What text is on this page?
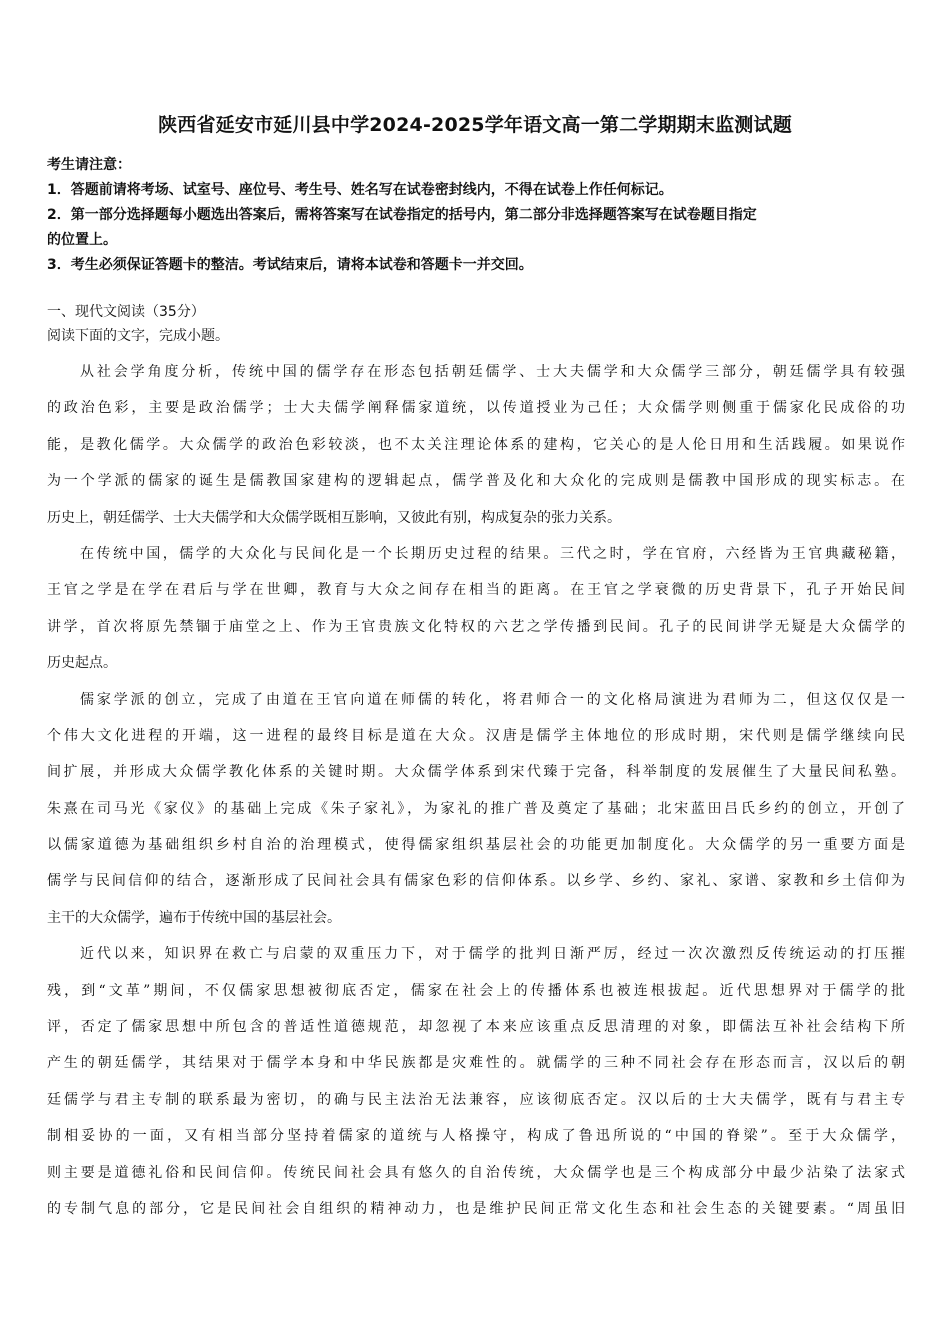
陕西省延安市延川县中学2024-2025学年语文高一第二学期期末监测试题
考生请注意：
1．答题前请将考场、试室号、座位号、考生号、姓名写在试卷密封线内，不得在试卷上作任何标记。
2．第一部分选择题每小题选出答案后，需将答案写在试卷指定的括号内，第二部分非选择题答案写在试卷题目指定
的位置上。
3．考生必须保证答题卡的整洁。考试结束后，请将本试卷和答题卡一并交回。
一、现代文阅读（35分）
阅读下面的文字，完成小题。
从社会学角度分析，传统中国的儒学存在形态包括朝廷儒学、士大夫儒学和大众儒学三部分，朝廷儒学具有较强
的政治色彩，主要是政治儒学；士大夫儒学阐释儒家道统，以传道授业为己任；大众儒学则侧重于儒家化民成俗的功
能，是教化儒学。大众儒学的政治色彩较淡，也不太关注理论体系的建构，它关心的是人伦日用和生活践履。如果说作
为一个学派的儒家的诞生是儒教国家建构的逻辑起点，儒学普及化和大众化的完成则是儒教中国形成的现实标志。在
历史上，朝廷儒学、士大夫儒学和大众儒学既相互影响，又彼此有别，构成复杂的张力关系。
在传统中国，儒学的大众化与民间化是一个长期历史过程的结果。三代之时，学在官府，六经皆为王官典藏秘籍，
王官之学是在学在君后与学在世卿，教育与大众之间存在相当的距离。在王官之学衰微的历史背景下，孔子开始民间
讲学，首次将原先禁锢于庙堂之上、作为王官贵族文化特权的六艺之学传播到民间。孔子的民间讲学无疑是大众儒学的
历史起点。
儒家学派的创立，完成了由道在王官向道在师儒的转化，将君师合一的文化格局演进为君师为二，但这仅仅是一
个伟大文化进程的开端，这一进程的最终目标是道在大众。汉唐是儒学主体地位的形成时期，宋代则是儒学继续向民
间扩展，并形成大众儒学教化体系的关键时期。大众儒学体系到宋代臻于完备，科举制度的发展催生了大量民间私塾。
朱熹在司马光《家仪》的基础上完成《朱子家礼》，为家礼的推广普及奠定了基础；北宋蓝田吕氏乡约的创立，开创了
以儒家道德为基础组织乡村自治的治理模式，使得儒家组织基层社会的功能更加制度化。大众儒学的另一重要方面是
儒学与民间信仰的结合，逐渐形成了民间社会具有儒家色彩的信仰体系。以乡学、乡约、家礼、家谱、家教和乡土信仰为
主干的大众儒学，遍布于传统中国的基层社会。
近代以来，知识界在救亡与启蒙的双重压力下，对于儒学的批判日渐严厉，经过一次次激烈反传统运动的打压摧
残，到“文革”期间，不仅儒家思想被彻底否定，儒家在社会上的传播体系也被连根拔起。近代思想界对于儒学的批
评，否定了儒家思想中所包含的普适性道德规范，却忽视了本来应该重点反思清理的对象，即儒法互补社会结构下所
产生的朝廷儒学，其结果对于儒学本身和中华民族都是灾难性的。就儒学的三种不同社会存在形态而言，汉以后的朝
廷儒学与君主专制的联系最为密切，的确与民主法治无法兼容，应该彻底否定。汉以后的士大夫儒学，既有与君主专
制相妥协的一面，又有相当部分坚持着儒家的道统与人格操守，构成了鲁迅所说的“中国的脊梁”。至于大众儒学，
则主要是道德礼俗和民间信仰。传统民间社会具有悠久的自治传统，大众儒学也是三个构成部分中最少沾染了法家式
的专制气息的部分，它是民间社会自组织的精神动力，也是维护民间正常文化生态和社会生态的关键要素。“周虽旧
